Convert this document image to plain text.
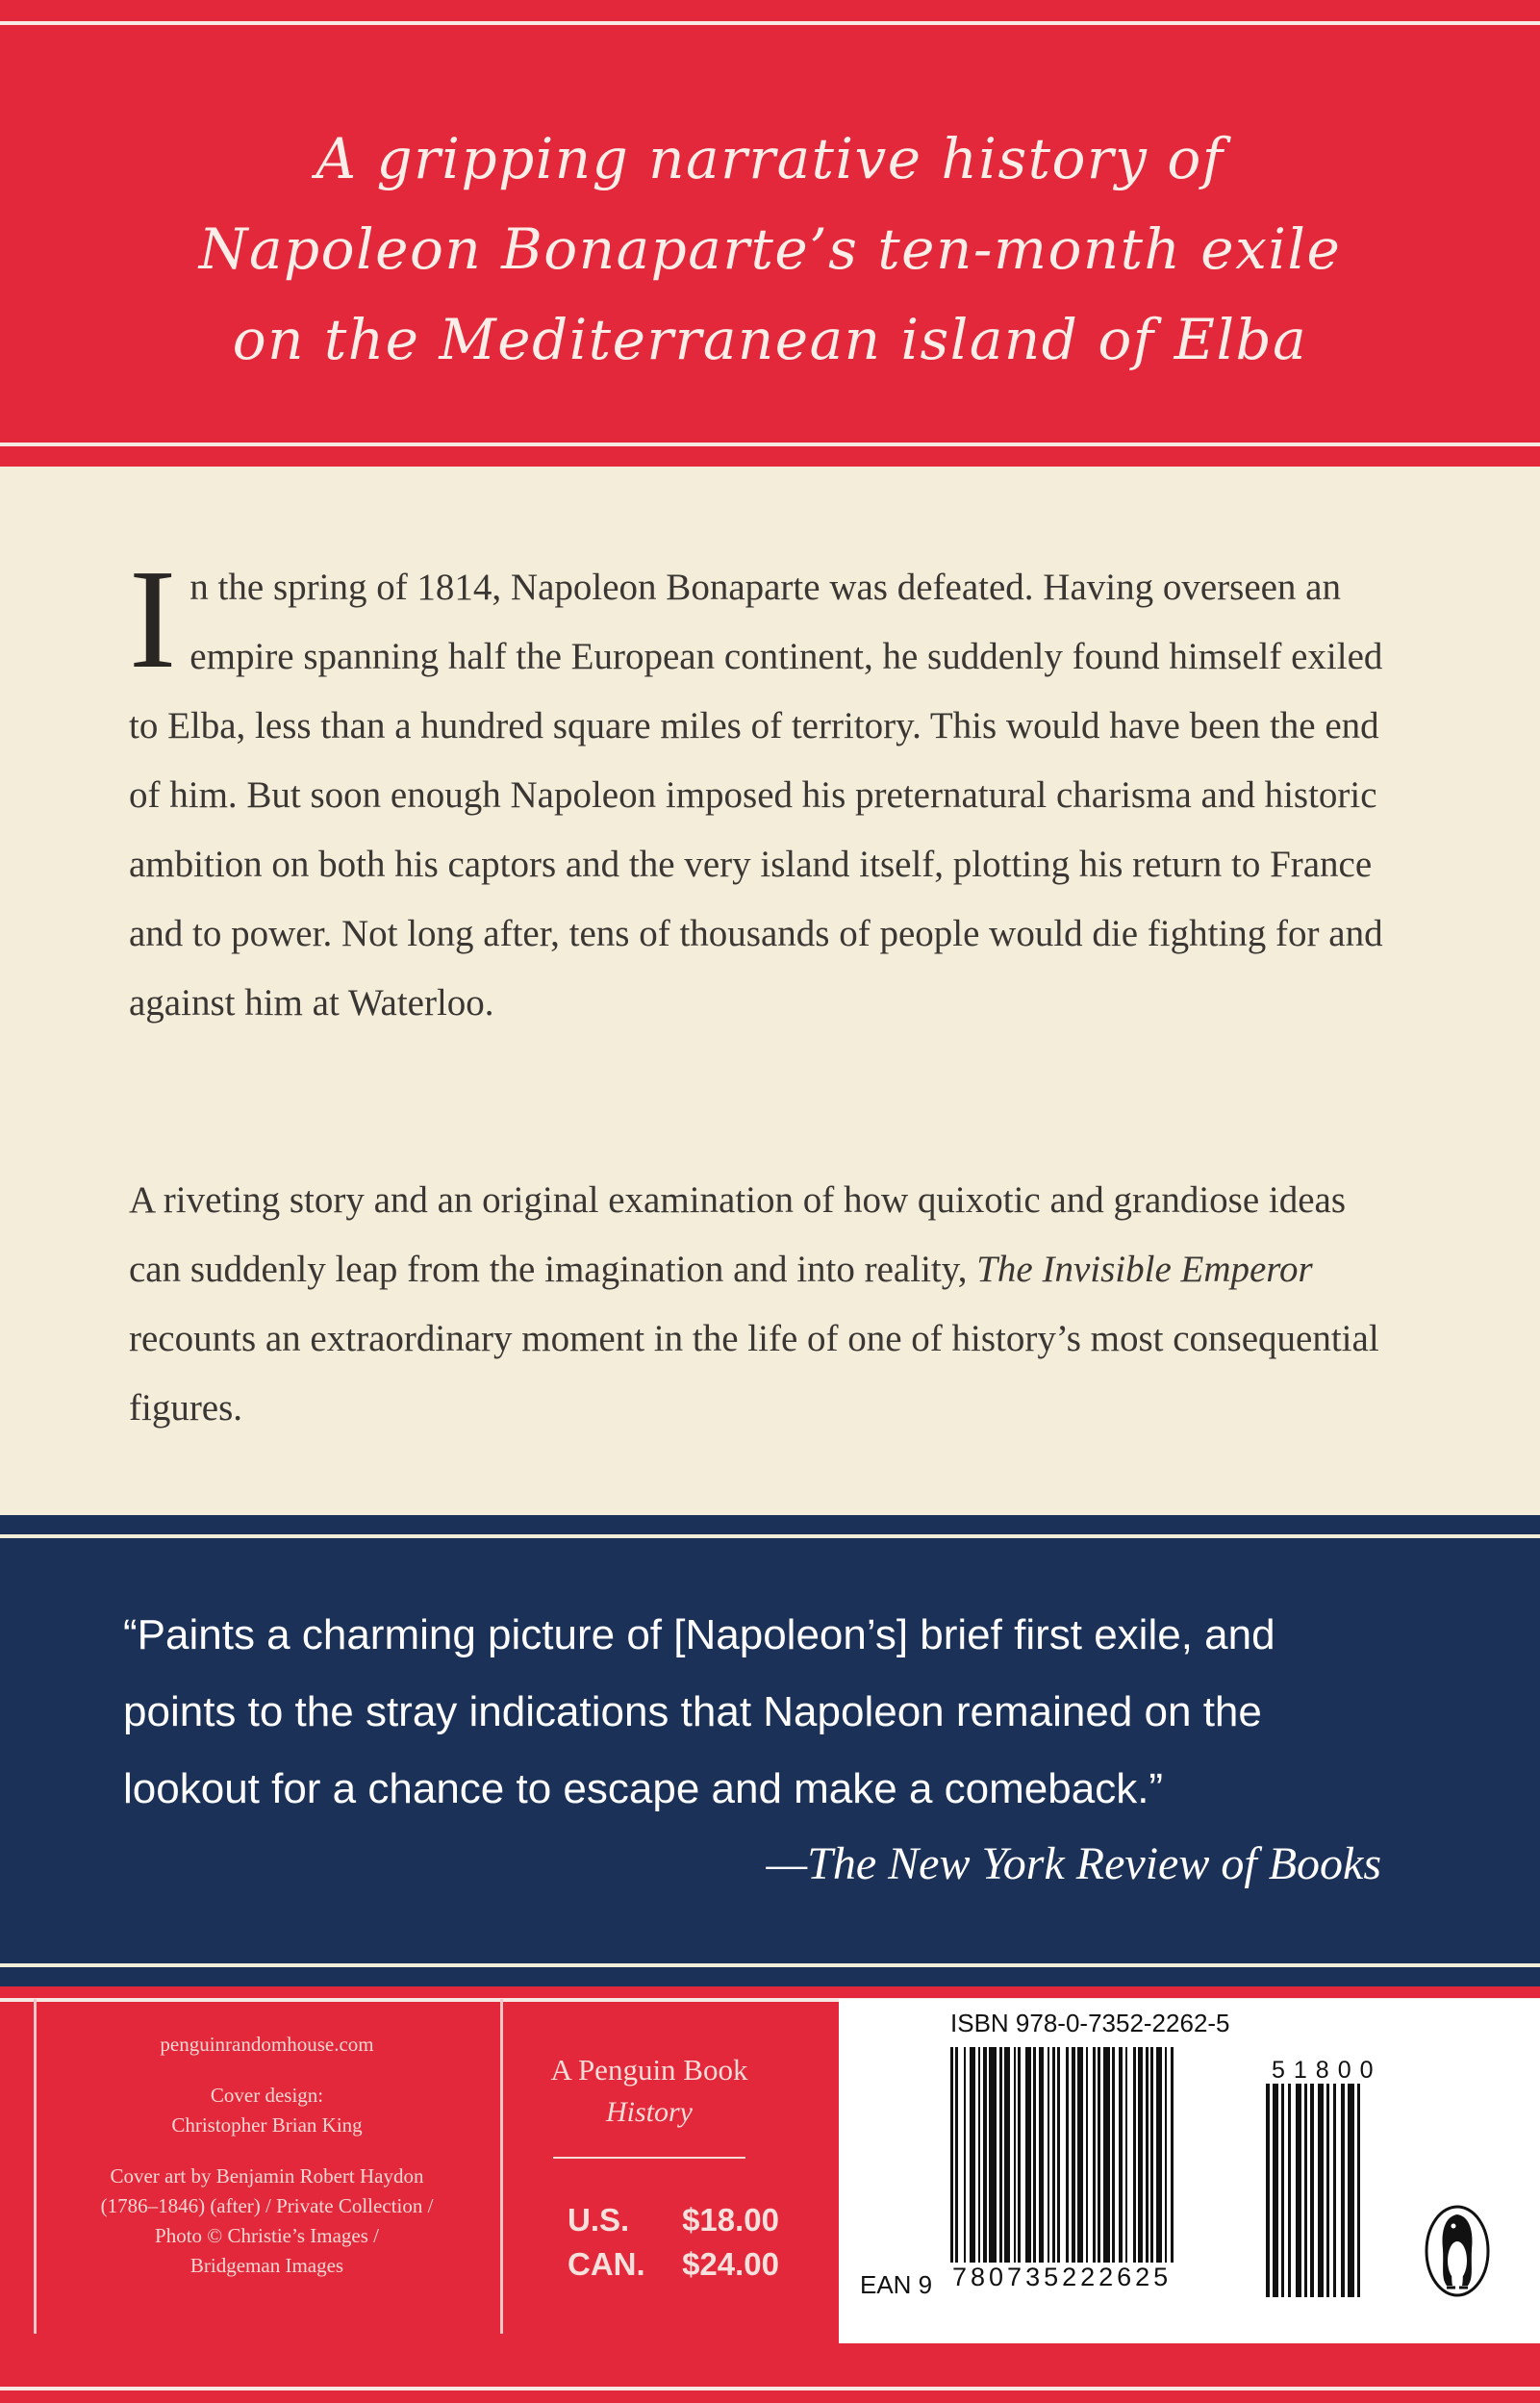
A gripping narrative history of
Napoleon Bonaparte’s ten-month exile
on the Mediterranean island of Elba
In the spring of 1814, Napoleon Bonaparte was defeated. Having overseen an empire spanning half the European continent, he suddenly found himself exiled to Elba, less than a hundred square miles of territory. This would have been the end of him. But soon enough Napoleon imposed his preternatural charisma and historic ambition on both his captors and the very island itself, plotting his return to France and to power. Not long after, tens of thousands of people would die fighting for and against him at Waterloo.
A riveting story and an original examination of how quixotic and grandiose ideas can suddenly leap from the imagination and into reality, The Invisible Emperor recounts an extraordinary moment in the life of one of history’s most consequential figures.
“Paints a charming picture of [Napoleon’s] brief first exile, and
points to the stray indications that Napoleon remained on the
lookout for a chance to escape and make a comeback.”
—The New York Review of Books
penguinrandomhouse.com
Cover design:
Christopher Brian King
Cover art by Benjamin Robert Haydon
(1786–1846) (after) / Private Collection /
Photo © Christie’s Images /
Bridgeman Images
A Penguin Book
History
U.S. $18.00
CAN. $24.00
ISBN 978-0-7352-2262-5
51800
EAN 9 780735222625
